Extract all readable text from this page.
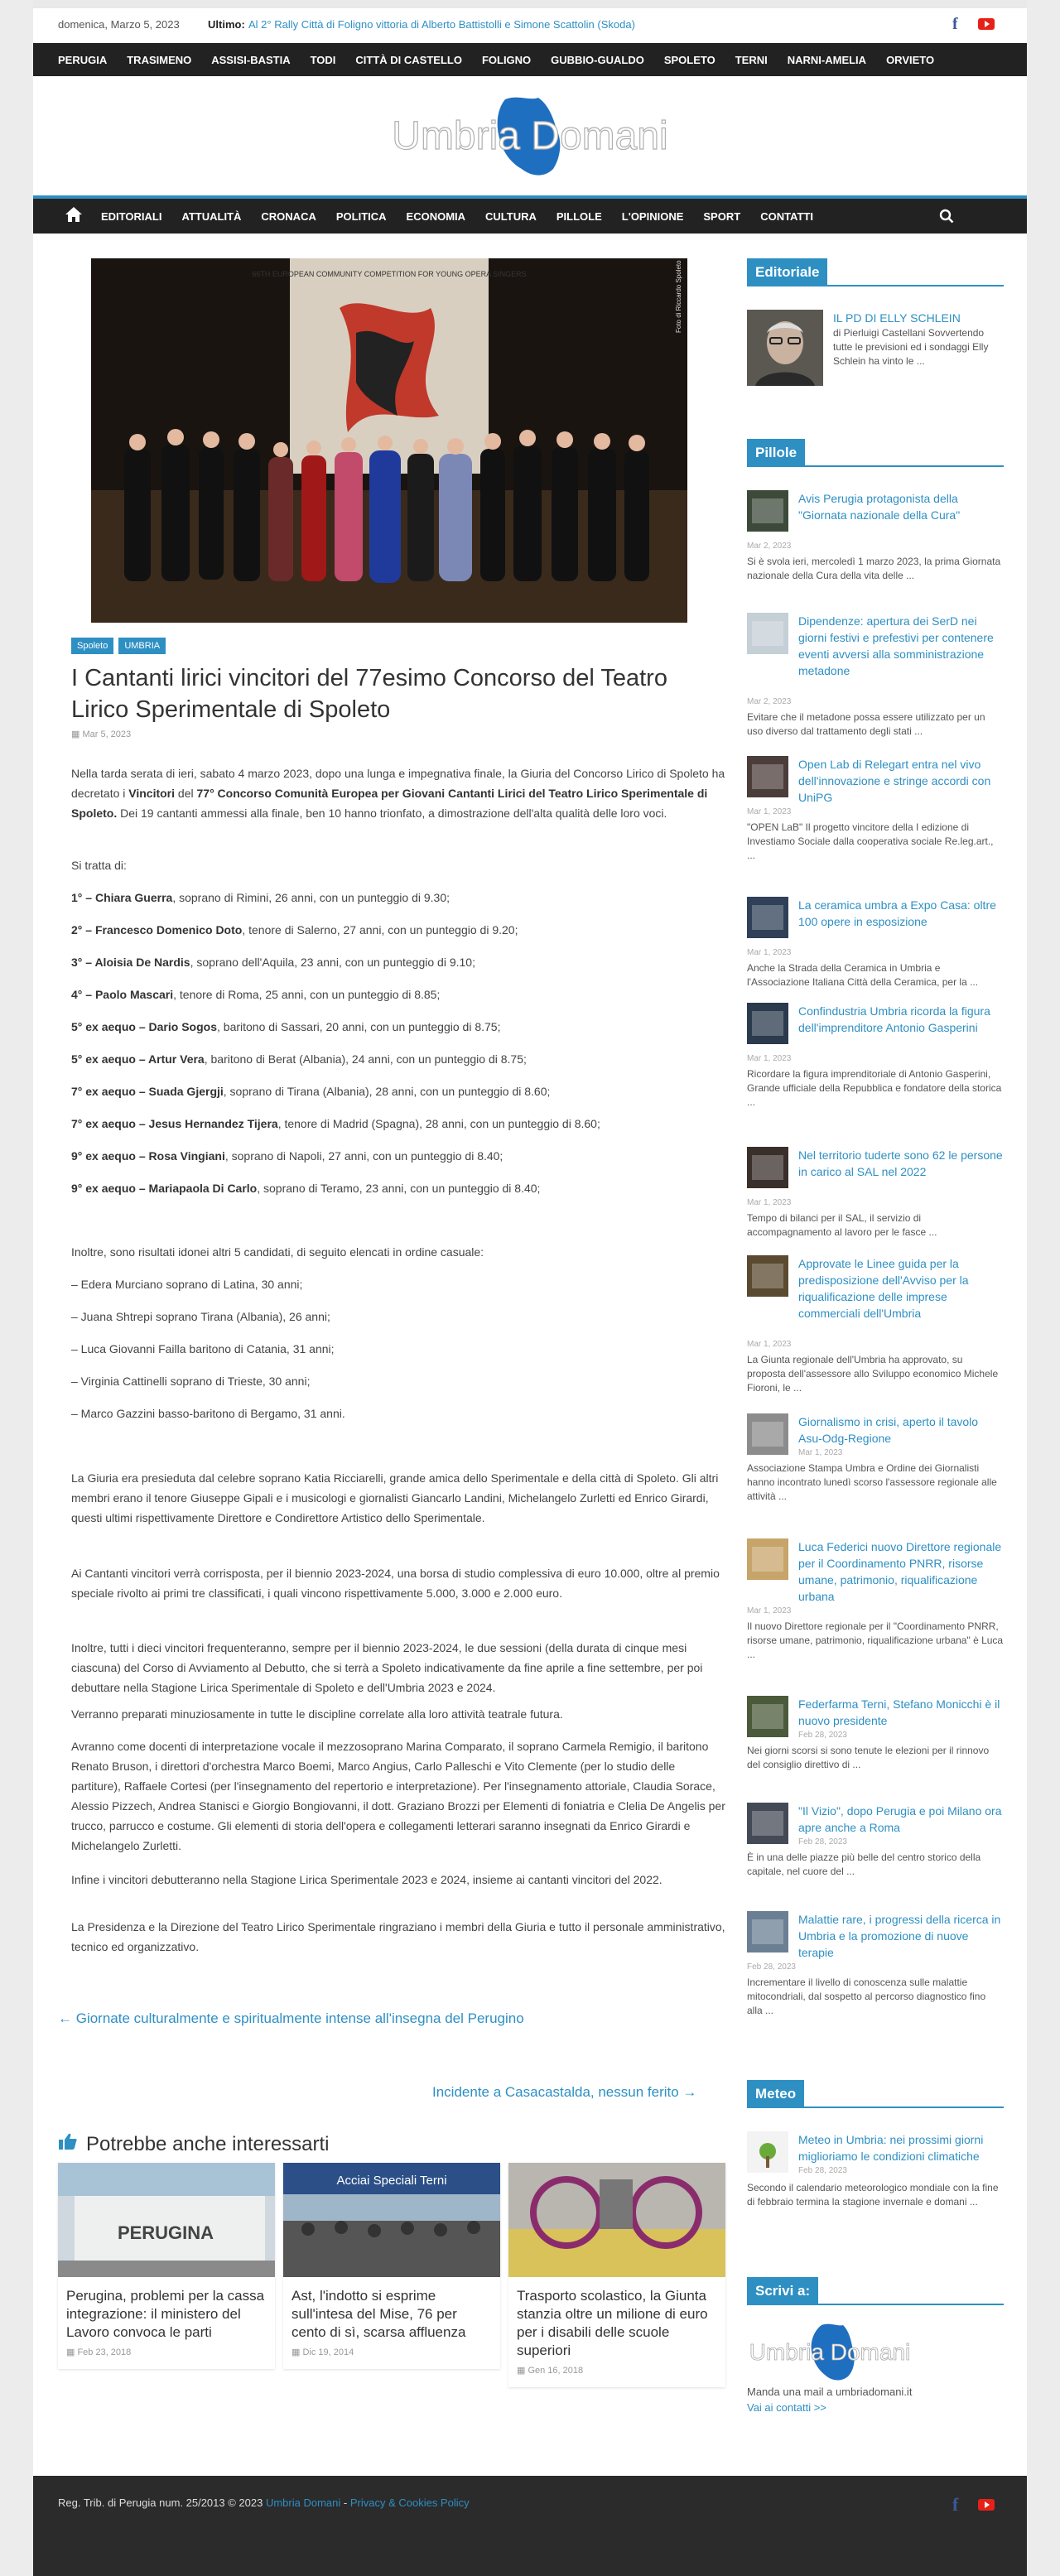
domenica, Marzo 5, 2023	Ultimo: Al 2° Rally Città di Foligno vittoria di Alberto Battistolli e Simone Scattolin (Skoda)	f
PERUGIA TRASIMENO ASSISI-BASTIA TODI CITTÀ DI CASTELLO FOLIGNO GUBBIO-GUALDO SPOLETO TERNI NARNI-AMELIA ORVIETO
Umbria Domani
EDITORIALI ATTUALITÀ CRONACA POLITICA ECONOMIA CULTURA PILLOLE L'OPINIONE SPORT CONTATTI
66TH EUROPEAN COMMUNITY COMPETITION FOR YOUNG OPERA SINGERS	Foto di Riccardo Spoleto
Spoleto	UMBRIA
I Cantanti lirici vincitori del 77esimo Concorso del Teatro Lirico Sperimentale di Spoleto
▦ Mar 5, 2023
Nella tarda serata di ieri, sabato 4 marzo 2023, dopo una lunga e impegnativa finale, la Giuria del Concorso Lirico di Spoleto ha decretato i Vincitori del 77° Concorso Comunità Europea per Giovani Cantanti Lirici del Teatro Lirico Sperimentale di Spoleto. Dei 19 cantanti ammessi alla finale, ben 10 hanno trionfato, a dimostrazione dell'alta qualità delle loro voci.
Si tratta di:
1° – Chiara Guerra, soprano di Rimini, 26 anni, con un punteggio di 9.30;
2° – Francesco Domenico Doto, tenore di Salerno, 27 anni, con un punteggio di 9.20;
3° – Aloisia De Nardis, soprano dell'Aquila, 23 anni, con un punteggio di 9.10;
4° – Paolo Mascari, tenore di Roma, 25 anni, con un punteggio di 8.85;
5° ex aequo – Dario Sogos, baritono di Sassari, 20 anni, con un punteggio di 8.75;
5° ex aequo – Artur Vera, baritono di Berat (Albania), 24 anni, con un punteggio di 8.75;
7° ex aequo – Suada Gjergji, soprano di Tirana (Albania), 28 anni, con un punteggio di 8.60;
7° ex aequo – Jesus Hernandez Tijera, tenore di Madrid (Spagna), 28 anni, con un punteggio di 8.60;
9° ex aequo – Rosa Vingiani, soprano di Napoli, 27 anni, con un punteggio di 8.40;
9° ex aequo – Mariapaola Di Carlo, soprano di Teramo, 23 anni, con un punteggio di 8.40;
Inoltre, sono risultati idonei altri 5 candidati, di seguito elencati in ordine casuale:
– Edera Murciano soprano di Latina, 30 anni;
– Juana Shtrepi soprano Tirana (Albania), 26 anni;
– Luca Giovanni Failla baritono di Catania, 31 anni;
– Virginia Cattinelli soprano di Trieste, 30 anni;
– Marco Gazzini basso-baritono di Bergamo, 31 anni.
La Giuria era presieduta dal celebre soprano Katia Ricciarelli, grande amica dello Sperimentale e della città di Spoleto. Gli altri membri erano il tenore Giuseppe Gipali e i musicologi e giornalisti Giancarlo Landini, Michelangelo Zurletti ed Enrico Girardi, questi ultimi rispettivamente Direttore e Condirettore Artistico dello Sperimentale.
Ai Cantanti vincitori verrà corrisposta, per il biennio 2023-2024, una borsa di studio complessiva di euro 10.000, oltre al premio speciale rivolto ai primi tre classificati, i quali vincono rispettivamente 5.000, 3.000 e 2.000 euro.
Inoltre, tutti i dieci vincitori frequenteranno, sempre per il biennio 2023-2024, le due sessioni (della durata di cinque mesi ciascuna) del Corso di Avviamento al Debutto, che si terrà a Spoleto indicativamente da fine aprile a fine settembre, per poi debuttare nella Stagione Lirica Sperimentale di Spoleto e dell'Umbria 2023 e 2024.
Verranno preparati minuziosamente in tutte le discipline correlate alla loro attività teatrale futura.
Avranno come docenti di interpretazione vocale il mezzosoprano Marina Comparato, il soprano Carmela Remigio, il baritono Renato Bruson, i direttori d'orchestra Marco Boemi, Marco Angius, Carlo Palleschi e Vito Clemente (per lo studio delle partiture), Raffaele Cortesi (per l'insegnamento del repertorio e interpretazione). Per l'insegnamento attoriale, Claudia Sorace, Alessio Pizzech, Andrea Stanisci e Giorgio Bongiovanni, il dott. Graziano Brozzi per Elementi di foniatria e Clelia De Angelis per trucco, parrucco e costume. Gli elementi di storia dell'opera e collegamenti letterari saranno insegnati da Enrico Girardi e Michelangelo Zurletti.
Infine i vincitori debutteranno nella Stagione Lirica Sperimentale 2023 e 2024, insieme ai cantanti vincitori del 2022.
La Presidenza e la Direzione del Teatro Lirico Sperimentale ringraziano i membri della Giuria e tutto il personale amministrativo, tecnico ed organizzativo.
← Giornate culturalmente e spiritualmente intense all'insegna del Perugino
Incidente a Casacastalda, nessun ferito →
Potrebbe anche interessarti
PERUGINA
Perugina, problemi per la cassa integrazione: il ministero del Lavoro convoca le parti
▦ Feb 23, 2018
Acciai Speciali Terni
Ast, l'indotto si esprime sull'intesa del Mise, 76 per cento di sì, scarsa affluenza
▦ Dic 19, 2014
Trasporto scolastico, la Giunta stanzia oltre un milione di euro per i disabili delle scuole superiori
▦ Gen 16, 2018
Editoriale
IL PD DI ELLY SCHLEIN
di Pierluigi Castellani Sovvertendo tutte le previsioni ed i sondaggi Elly Schlein ha vinto le ...
Pillole
Avis Perugia protagonista della "Giornata nazionale della Cura"
Mar 2, 2023
Si è svola ieri, mercoledì 1 marzo 2023, la prima Giornata nazionale della Cura della vita delle ...
Dipendenze: apertura dei SerD nei giorni festivi e prefestivi per contenere eventi avversi alla somministrazione metadone
Mar 2, 2023
Evitare che il metadone possa essere utilizzato per un uso diverso dal trattamento degli stati ...
Open Lab di Relegart entra nel vivo dell'innovazione e stringe accordi con UniPG
Mar 1, 2023
"OPEN LaB" Il progetto vincitore della I edizione di Investiamo Sociale dalla cooperativa sociale Re.leg.art., ...
La ceramica umbra a Expo Casa: oltre 100 opere in esposizione
Mar 1, 2023
Anche la Strada della Ceramica in Umbria e l'Associazione Italiana Città della Ceramica, per la ...
Confindustria Umbria ricorda la figura dell'imprenditore Antonio Gasperini
Mar 1, 2023
Ricordare la figura imprenditoriale di Antonio Gasperini, Grande ufficiale della Repubblica e fondatore della storica ...
Nel territorio tuderte sono 62 le persone in carico al SAL nel 2022
Mar 1, 2023
Tempo di bilanci per il SAL, il servizio di accompagnamento al lavoro per le fasce ...
Approvate le Linee guida per la predisposizione dell'Avviso per la riqualificazione delle imprese commerciali dell'Umbria
Mar 1, 2023
La Giunta regionale dell'Umbria ha approvato, su proposta dell'assessore allo Sviluppo economico Michele Fioroni, le ...
Giornalismo in crisi, aperto il tavolo Asu-Odg-Regione
Mar 1, 2023
Associazione Stampa Umbra e Ordine dei Giornalisti hanno incontrato lunedì scorso l'assessore regionale alle attività ...
Luca Federici nuovo Direttore regionale per il Coordinamento PNRR, risorse umane, patrimonio, riqualificazione urbana
Mar 1, 2023
Il nuovo Direttore regionale per il "Coordinamento PNRR, risorse umane, patrimonio, riqualificazione urbana" è Luca ...
Federfarma Terni, Stefano Monicchi è il nuovo presidente
Feb 28, 2023
Nei giorni scorsi si sono tenute le elezioni per il rinnovo del consiglio direttivo di ...
"Il Vizio", dopo Perugia e poi Milano ora apre anche a Roma
Feb 28, 2023
È in una delle piazze più belle del centro storico della capitale, nel cuore del ...
Malattie rare, i progressi della ricerca in Umbria e la promozione di nuove terapie
Feb 28, 2023
Incrementare il livello di conoscenza sulle malattie mitocondriali, dal sospetto al percorso diagnostico fino alla ...
Meteo
Meteo in Umbria: nei prossimi giorni miglioriamo le condizioni climatiche
Feb 28, 2023
Secondo il calendario meteorologico mondiale con la fine di febbraio termina la stagione invernale e domani ...
Scrivi a:
Umbria Domani
Manda una mail a umbriadomani.it
Vai ai contatti >>
Reg. Trib. di Perugia num. 25/2013 © 2023 Umbria Domani - Privacy & Cookies Policy	f
